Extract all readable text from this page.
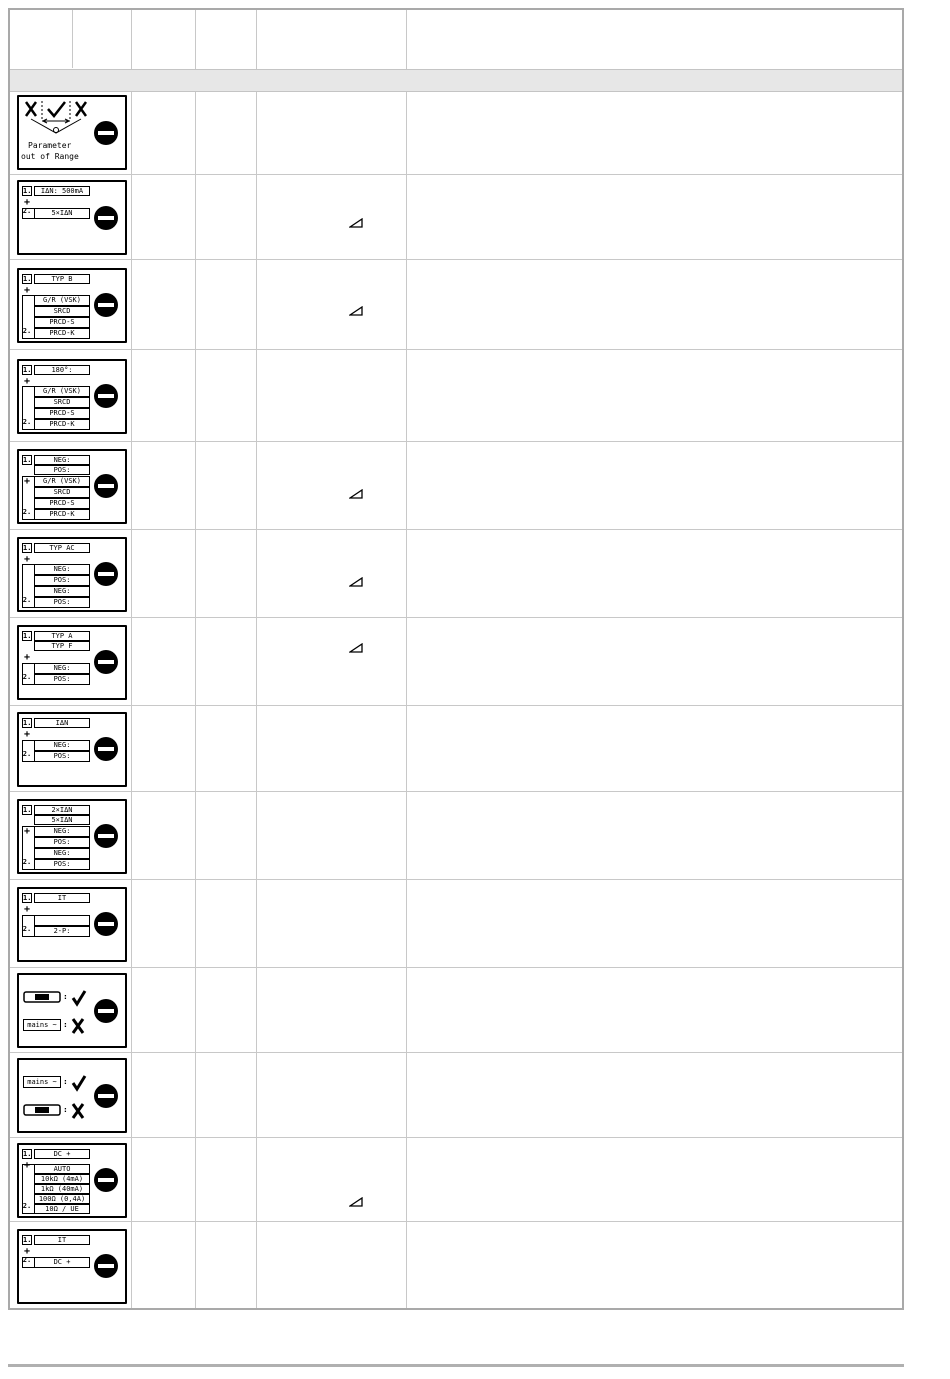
Parameter
out of Range
1.	IΔN: 500mA
+
2.	5×IΔN
1.	TYP B
+
2.
G/R (VSK)
SRCD
PRCD-S
PRCD-K
1.	180°:
+
2.
G/R (VSK)
SRCD
PRCD-S
PRCD-K
1.	NEG:
POS:
+
2.
G/R (VSK)
SRCD
PRCD-S
PRCD-K
1.	TYP AC
+
2.
NEG:
POS:
NEG:
POS:
1.	TYP A
TYP F
+
2.
NEG:
POS:
1.	IΔN
+
2.
NEG:
POS:
1.	2×IΔN
5×IΔN
+
2.
NEG:
POS:
NEG:
POS:
1.	IT
+
2.	2-P:
:
mains ~ :
mains ~ :
:
1.	DC +
+
2.
AUTO
10kΩ (4mA)
1kΩ (40mA)
100Ω (0,4A)
10Ω / UE
1.	IT
+
2.	DC +
